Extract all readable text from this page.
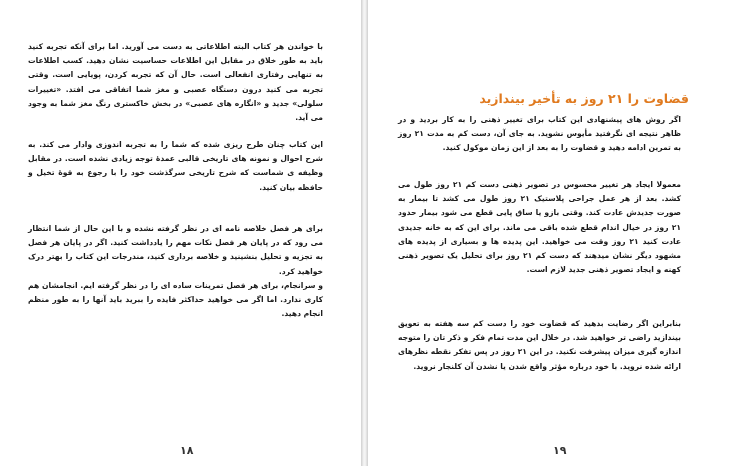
با خواندن هر کتاب البته اطلاعاتی به دست می آورید. اما برای آنکه تجربه کنید باید به طور خلاق در مقابل این اطلاعات حساسیت نشان دهید. کسب اطلاعات به تنهایی رفتاری انفعالی است. حال آن که تجربه کردن، پویایی است. وقتی تجربه می کنید درون دستگاه عصبی و مغز شما اتفاقی می افتد. «تغییرات سلولی» جدید و «انگاره های عصبی» در بخش خاکستری رنگ مغز شما به وجود می آید.

این کتاب چنان طرح ریزی شده که شما را به تجربه اندوزی وادار می کند. به شرح احوال و نمونه های تاریخی قالبی عمدهٔ توجه زیادی نشده است. در مقابل وظیفه ی شماست که شرح تاریخی سرگذشت خود را با رجوع به قوهٔ تخیل و حافظه بیان کنید.

برای هر فصل خلاصه نامه ای در نظر گرفته نشده و با این حال از شما انتظار می رود که در پایان هر فصل نکات مهم را یادداشت کنید. اگر در پایان هر فصل به تجزیه و تحلیل بنشینید و خلاصه برداری کنید، مندرجات این کتاب را بهتر درک خواهید کرد.

و سرانجام، برای هر فصل تمرینات ساده ای را در نظر گرفته ایم. انجامشان هم کاری ندارد. اما اگر می خواهید حداکثر فایده را ببرید باید آنها را به طور منظم انجام دهید.

۱۸
قضاوت را ۲۱ روز به تأخیر بیندازید

اگر روش های پیشنهادی این کتاب برای تغییر ذهنی را به کار بردید و در ظاهر نتیجه ای نگرفتید مأیوس نشوید. به جای آن، دست کم به مدت ۲۱ روز به تمرین ادامه دهید و قضاوت را به بعد از این زمان موکول کنید.

معمولا ایجاد هر تغییر محسوس در تصویر ذهنی دست کم ۲۱ روز طول می کشد. بعد از هر عمل جراحی پلاستیک ۲۱ روز طول می کشد تا بیمار به صورت جدیدش عادت کند. وقتی بازو یا ساق پایی قطع می شود بیمار حدود ۲۱ روز در خیال اندام قطع شده باقی می ماند. برای این که به خانه جدیدی عادت کنید ۲۱ روز وقت می خواهید. این پدیده ها و بسیاری از پدیده های مشهود دیگر نشان میدهند که دست کم ۲۱ روز برای تحلیل یک تصویر ذهنی کهنه و ایجاد تصویر ذهنی جدید لازم است.

بنابراین اگر رضایت بدهید که قضاوت خود را دست کم سه هفته به تعویق بیندازید راضی تر خواهید شد. در خلال این مدت تمام فکر و ذکر تان را متوجه اندازه گیری میزان پیشرفت نکنید. در این ۲۱ روز در پس تفکر نقطه نظرهای ارائه شده نروید. با خود درباره مؤثر واقع شدن یا نشدن آن کلنجار نروید.

۱۹
